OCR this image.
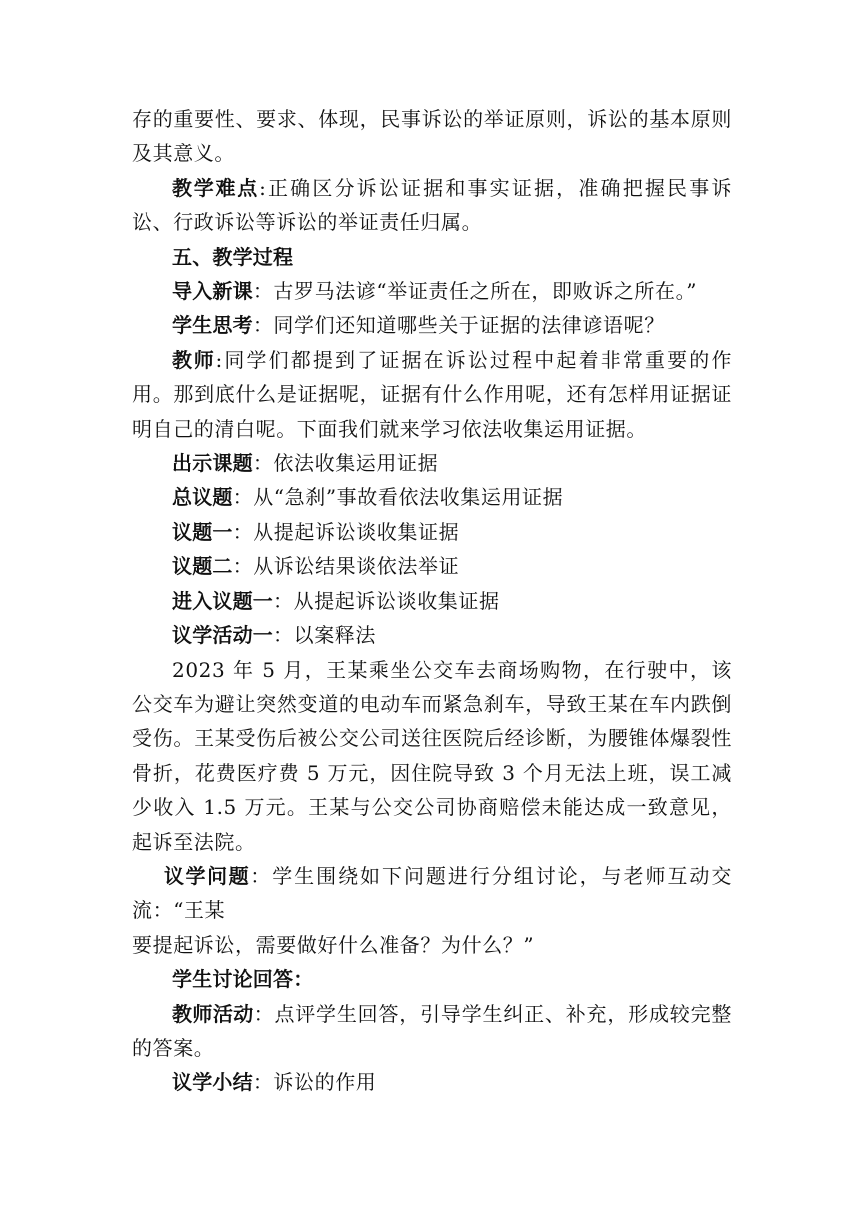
存的重要性、要求、体现，民事诉讼的举证原则，诉讼的基本原则及其意义。

教学难点:正确区分诉讼证据和事实证据，准确把握民事诉讼、行政诉讼等诉讼的举证责任归属。

五、教学过程

导入新课：古罗马法谚“举证责任之所在，即败诉之所在。”

学生思考：同学们还知道哪些关于证据的法律谚语呢？

教师:同学们都提到了证据在诉讼过程中起着非常重要的作用。那到底什么是证据呢，证据有什么作用呢，还有怎样用证据证明自己的清白呢。下面我们就来学习依法收集运用证据。

出示课题：依法收集运用证据

总议题：从“急刹”事故看依法收集运用证据

议题一：从提起诉讼谈收集证据

议题二：从诉讼结果谈依法举证

进入议题一：从提起诉讼谈收集证据

议学活动一：以案释法

2023 年 5 月，王某乘坐公交车去商场购物，在行驶中，该公交车为避让突然变道的电动车而紧急刹车，导致王某在车内跌倒受伤。王某受伤后被公交公司送往医院后经诊断，为腰锥体爆裂性骨折，花费医疗费 5 万元，因住院导致 3 个月无法上班，误工减少收入 1.5 万元。王某与公交公司协商赔偿未能达成一致意见，起诉至法院。

议学问题：学生围绕如下问题进行分组讨论，与老师互动交流：“王某

要提起诉讼，需要做好什么准备？为什么？”

学生讨论回答：

教师活动：点评学生回答，引导学生纠正、补充，形成较完整的答案。

议学小结：诉讼的作用
